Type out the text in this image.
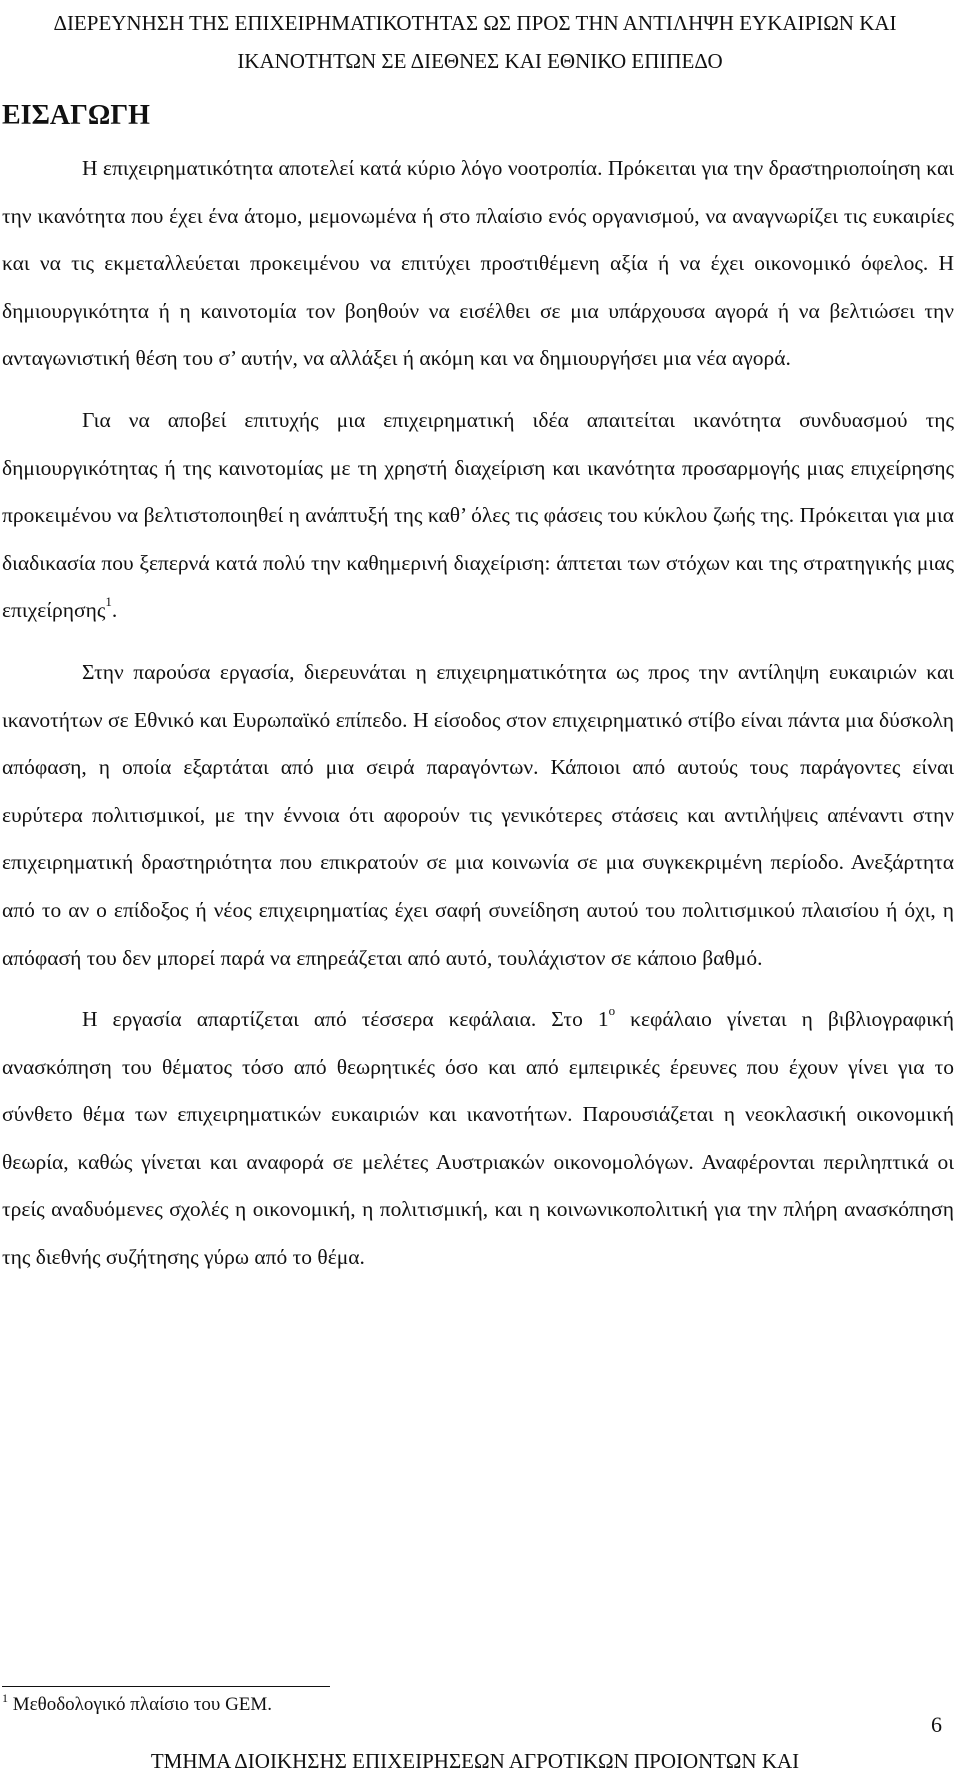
ΔΙΕΡΕΥΝΗΣΗ ΤΗΣ ΕΠΙΧΕΙΡΗΜΑΤΙΚΟΤΗΤΑΣ ΩΣ ΠΡΟΣ ΤΗΝ ΑΝΤΙΛΗΨΗ ΕΥΚΑΙΡΙΩΝ ΚΑΙ
ΙΚΑΝΟΤΗΤΩΝ ΣΕ ΔΙΕΘΝΕΣ ΚΑΙ ΕΘΝΙΚΟ ΕΠΙΠΕΔΟ
ΕΙΣΑΓΩΓΗ

Η επιχειρηματικότητα αποτελεί κατά κύριο λόγο νοοτροπία. Πρόκειται για την δραστηριοποίηση και την ικανότητα που έχει ένα άτομο, μεμονωμένα ή στο πλαίσιο ενός οργανισμού, να αναγνωρίζει τις ευκαιρίες και να τις εκμεταλλεύεται προκειμένου να επιτύχει προστιθέμενη αξία ή να έχει οικονομικό όφελος. Η δημιουργικότητα ή η καινοτομία τον βοηθούν να εισέλθει σε μια υπάρχουσα αγορά ή να βελτιώσει την ανταγωνιστική θέση του σ’ αυτήν, να αλλάξει ή ακόμη και να δημιουργήσει μια νέα αγορά.

Για να αποβεί επιτυχής μια επιχειρηματική ιδέα απαιτείται ικανότητα συνδυασμού της δημιουργικότητας ή της καινοτομίας με τη χρηστή διαχείριση και ικανότητα προσαρμογής μιας επιχείρησης προκειμένου να βελτιστοποιηθεί η ανάπτυξή της καθ’ όλες τις φάσεις του κύκλου ζωής της. Πρόκειται για μια διαδικασία που ξεπερνά κατά πολύ την καθημερινή διαχείριση: άπτεται των στόχων και της στρατηγικής μιας επιχείρησης$^1$.

Στην παρούσα εργασία, διερευνάται η επιχειρηματικότητα ως προς την αντίληψη ευκαιριών και ικανοτήτων σε Εθνικό και Ευρωπαϊκό επίπεδο. Η είσοδος στον επιχειρηματικό στίβο είναι πάντα μια δύσκολη απόφαση, η οποία εξαρτάται από μια σειρά παραγόντων. Κάποιοι από αυτούς τους παράγοντες είναι ευρύτερα πολιτισμικοί, με την έννοια ότι αφορούν τις γενικότερες στάσεις και αντιλήψεις απέναντι στην επιχειρηματική δραστηριότητα που επικρατούν σε μια κοινωνία σε μια συγκεκριμένη περίοδο. Ανεξάρτητα από το αν ο επίδοξος ή νέος επιχειρηματίας έχει σαφή συνείδηση αυτού του πολιτισμικού πλαισίου ή όχι, η απόφασή του δεν μπορεί παρά να επηρεάζεται από αυτό, τουλάχιστον σε κάποιο βαθμό.

Η εργασία απαρτίζεται από τέσσερα κεφάλαια. Στο $1^o$ κεφάλαιο γίνεται η βιβλιογραφική ανασκόπηση του θέματος τόσο από θεωρητικές όσο και από εμπειρικές έρευνες που έχουν γίνει για το σύνθετο θέμα των επιχειρηματικών ευκαιριών και ικανοτήτων. Παρουσιάζεται η νεοκλασική οικονομική θεωρία, καθώς γίνεται και αναφορά σε μελέτες Αυστριακών οικονομολόγων. Αναφέρονται περιληπτικά οι τρείς αναδυόμενες σχολές η οικονομική, η πολιτισμική, και η κοινωνικοπολιτική για την πλήρη ανασκόπηση της διεθνής συζήτησης γύρω από το θέμα.

$^1$ Μεθοδολογικό πλαίσιο του GEM.
6
ΤΜΗΜΑ ΔΙΟΙΚΗΣΗΣ ΕΠΙΧΕΙΡΗΣΕΩΝ ΑΓΡΟΤΙΚΩΝ ΠΡΟΙΟΝΤΩΝ ΚΑΙ
